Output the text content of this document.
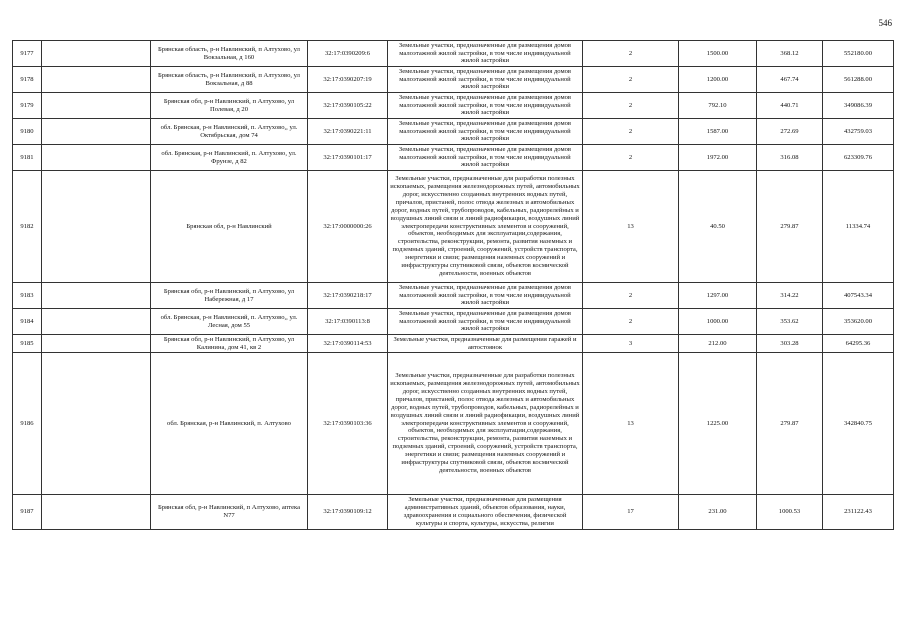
546
9177		Брянская область, р-н Навлинский, п Алтухово, ул Вокзальная, д 160	32:17:0390209:6	Земельные участки, предназначенные для размещения домов малоэтажной жилой застройки, в том числе индивидуальной жилой застройки	2	1500.00	368.12	552180.00
9178		Брянская область, р-н Навлинский, п Алтухово, ул Вокзальная, д 88	32:17:0390207:19	Земельные участки, предназначенные для размещения домов малоэтажной жилой застройки, в том числе индивидуальной жилой застройки	2	1200.00	467.74	561288.00
9179		Брянская обл, р-н Навлинский, п Алтухово, ул Полевая, д 20	32:17:0390105:22	Земельные участки, предназначенные для размещения домов малоэтажной жилой застройки, в том числе индивидуальной жилой застройки	2	792.10	440.71	349086.39
9180		обл. Брянская, р-н Навлинский, п. Алтухово,, ул. Октябрьская, дом 74	32:17:0390221:11	Земельные участки, предназначенные для размещения домов малоэтажной жилой застройки, в том числе индивидуальной жилой застройки	2	1587.00	272.69	432759.03
9181		обл. Брянская, р-н Навлинский, п. Алтухово, ул. Фрунзе, д 82	32:17:0390101:17	Земельные участки, предназначенные для размещения домов малоэтажной жилой застройки, в том числе индивидуальной жилой застройки	2	1972.00	316.08	623309.76
9182		Брянская обл, р-н Навлинский	32:17:0000000:26	Земельные участки, предназначенные для разработки полезных ископаемых, размещения железнодорожных путей, автомобильных дорог, искусственно созданных внутренних водных путей, причалов, пристаней, полос отвода железных и автомобильных дорог, водных путей, трубопроводов, кабельных, радиорелейных и воздушных линий связи и линий радиофикации, воздушных линий электропередачи конструктивных элементов и сооружений, объектов, необходимых для эксплуатации,содержания, строительства, реконструкции, ремонта, развития наземных и подземных зданий, строений, сооружений, устройств транспорта, энергетики и связи; размещения наземных сооружений и инфраструктуры спутниковой связи, объектов космической деятельности, военных объектов	13	40.50	279.87	11334.74
9183		Брянская обл, р-н Навлинский, п Алтухово, ул Набережная, д 17	32:17:0390218:17	Земельные участки, предназначенные для размещения домов малоэтажной жилой застройки, в том числе индивидуальной жилой застройки	2	1297.00	314.22	407543.34
9184		обл. Брянская, р-н Навлинский, п. Алтухово,, ул. Лесная, дом 55	32:17:0390113:8	Земельные участки, предназначенные для размещения домов малоэтажной жилой застройки, в том числе индивидуальной жилой застройки	2	1000.00	353.62	353620.00
9185		Брянская обл, р-н Навлинский, п Алтухово, ул Калинина, дом 41, кв 2	32:17:0390114:53	Земельные участки, предназначенные для размещения гаражей и автостоянок	3	212.00	303.28	64295.36
9186		обл. Брянская, р-н Навлинский, п. Алтухово	32:17:0390103:36	Земельные участки, предназначенные для разработки полезных ископаемых, размещения железнодорожных путей, автомобильных дорог, искусственно созданных внутренних водных путей, причалов, пристаней, полос отвода железных и автомобильных дорог, водных путей, трубопроводов, кабельных, радиорелейных и воздушных линий связи и линий радиофикации, воздушных линий электропередачи конструктивных элементов и сооружений, объектов, необходимых для эксплуатации,содержания, строительства, реконструкции, ремонта, развития наземных и подземных зданий, строений, сооружений, устройств транспорта, энергетики и связи; размещения наземных сооружений и инфраструктуры спутниковой связи, объектов космической деятельности, военных объектов	13	1225.00	279.87	342840.75
9187		Брянская обл, р-н Навлинский, п Алтухово, аптека N77	32:17:0390109:12	Земельные участки, предназначенные для размещения административных зданий, объектов образования, науки, здравоохранения и социального обеспечения, физической культуры и спорта, культуры, искусства, религии	17	231.00	1000.53	231122.43
